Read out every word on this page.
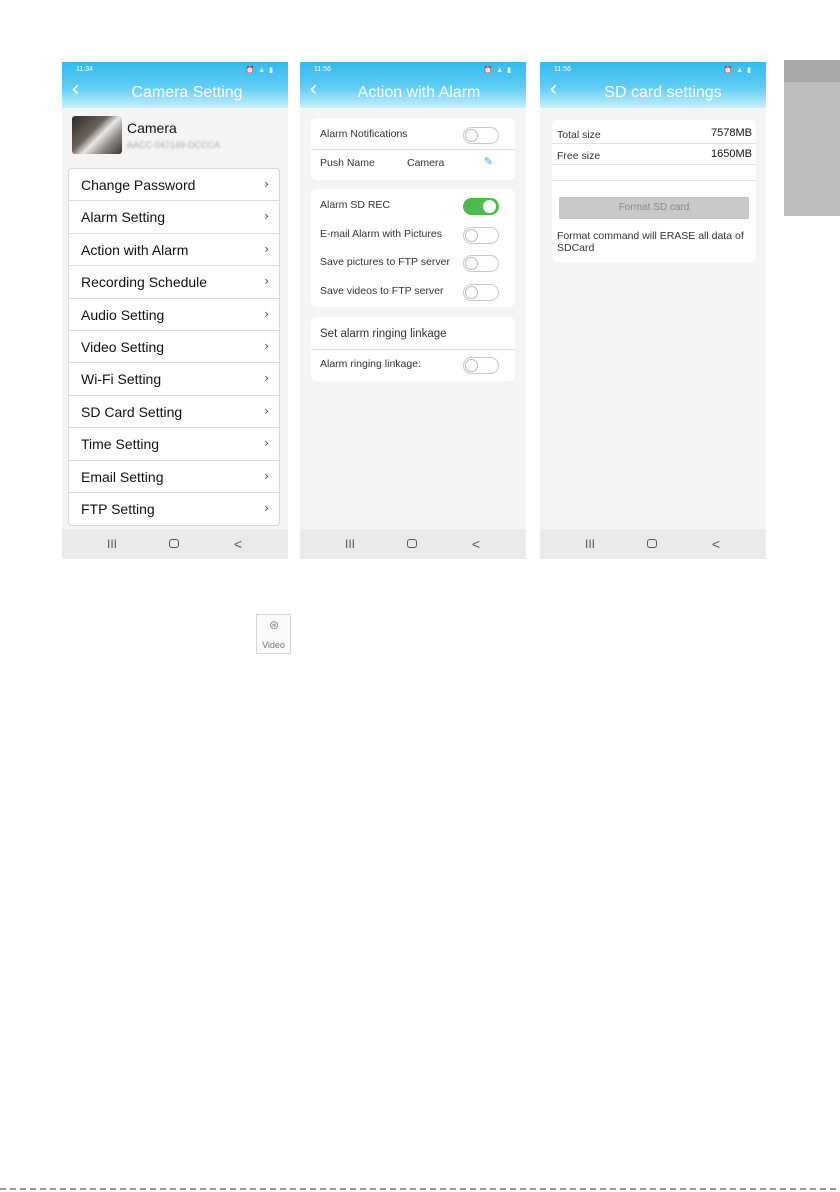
11:34	⏰ ▲ ▮
‹	Camera Setting
Camera
AACC-047149-DCCCA
Change Password	›
Alarm Setting	›
Action with Alarm	›
Recording Schedule	›
Audio Setting	›
Video Setting	›
Wi-Fi Setting	›
SD Card Setting	›
Time Setting	›
Email Setting	›
FTP Setting	›
III	<
11:56	⏰ ▲ ▮
‹	Action with Alarm
Alarm Notifications
Push Name	Camera	✎
Alarm SD REC
E-mail Alarm with Pictures
Save pictures to FTP server
Save videos to FTP server
Set alarm ringing linkage
Alarm ringing linkage:
III	<
11:56	⏰ ▲ ▮
‹	SD card settings
Total size	7578MB
Free size	1650MB
Format SD card
Format command will ERASE all data of SDCard
III	<
⊛
Video
